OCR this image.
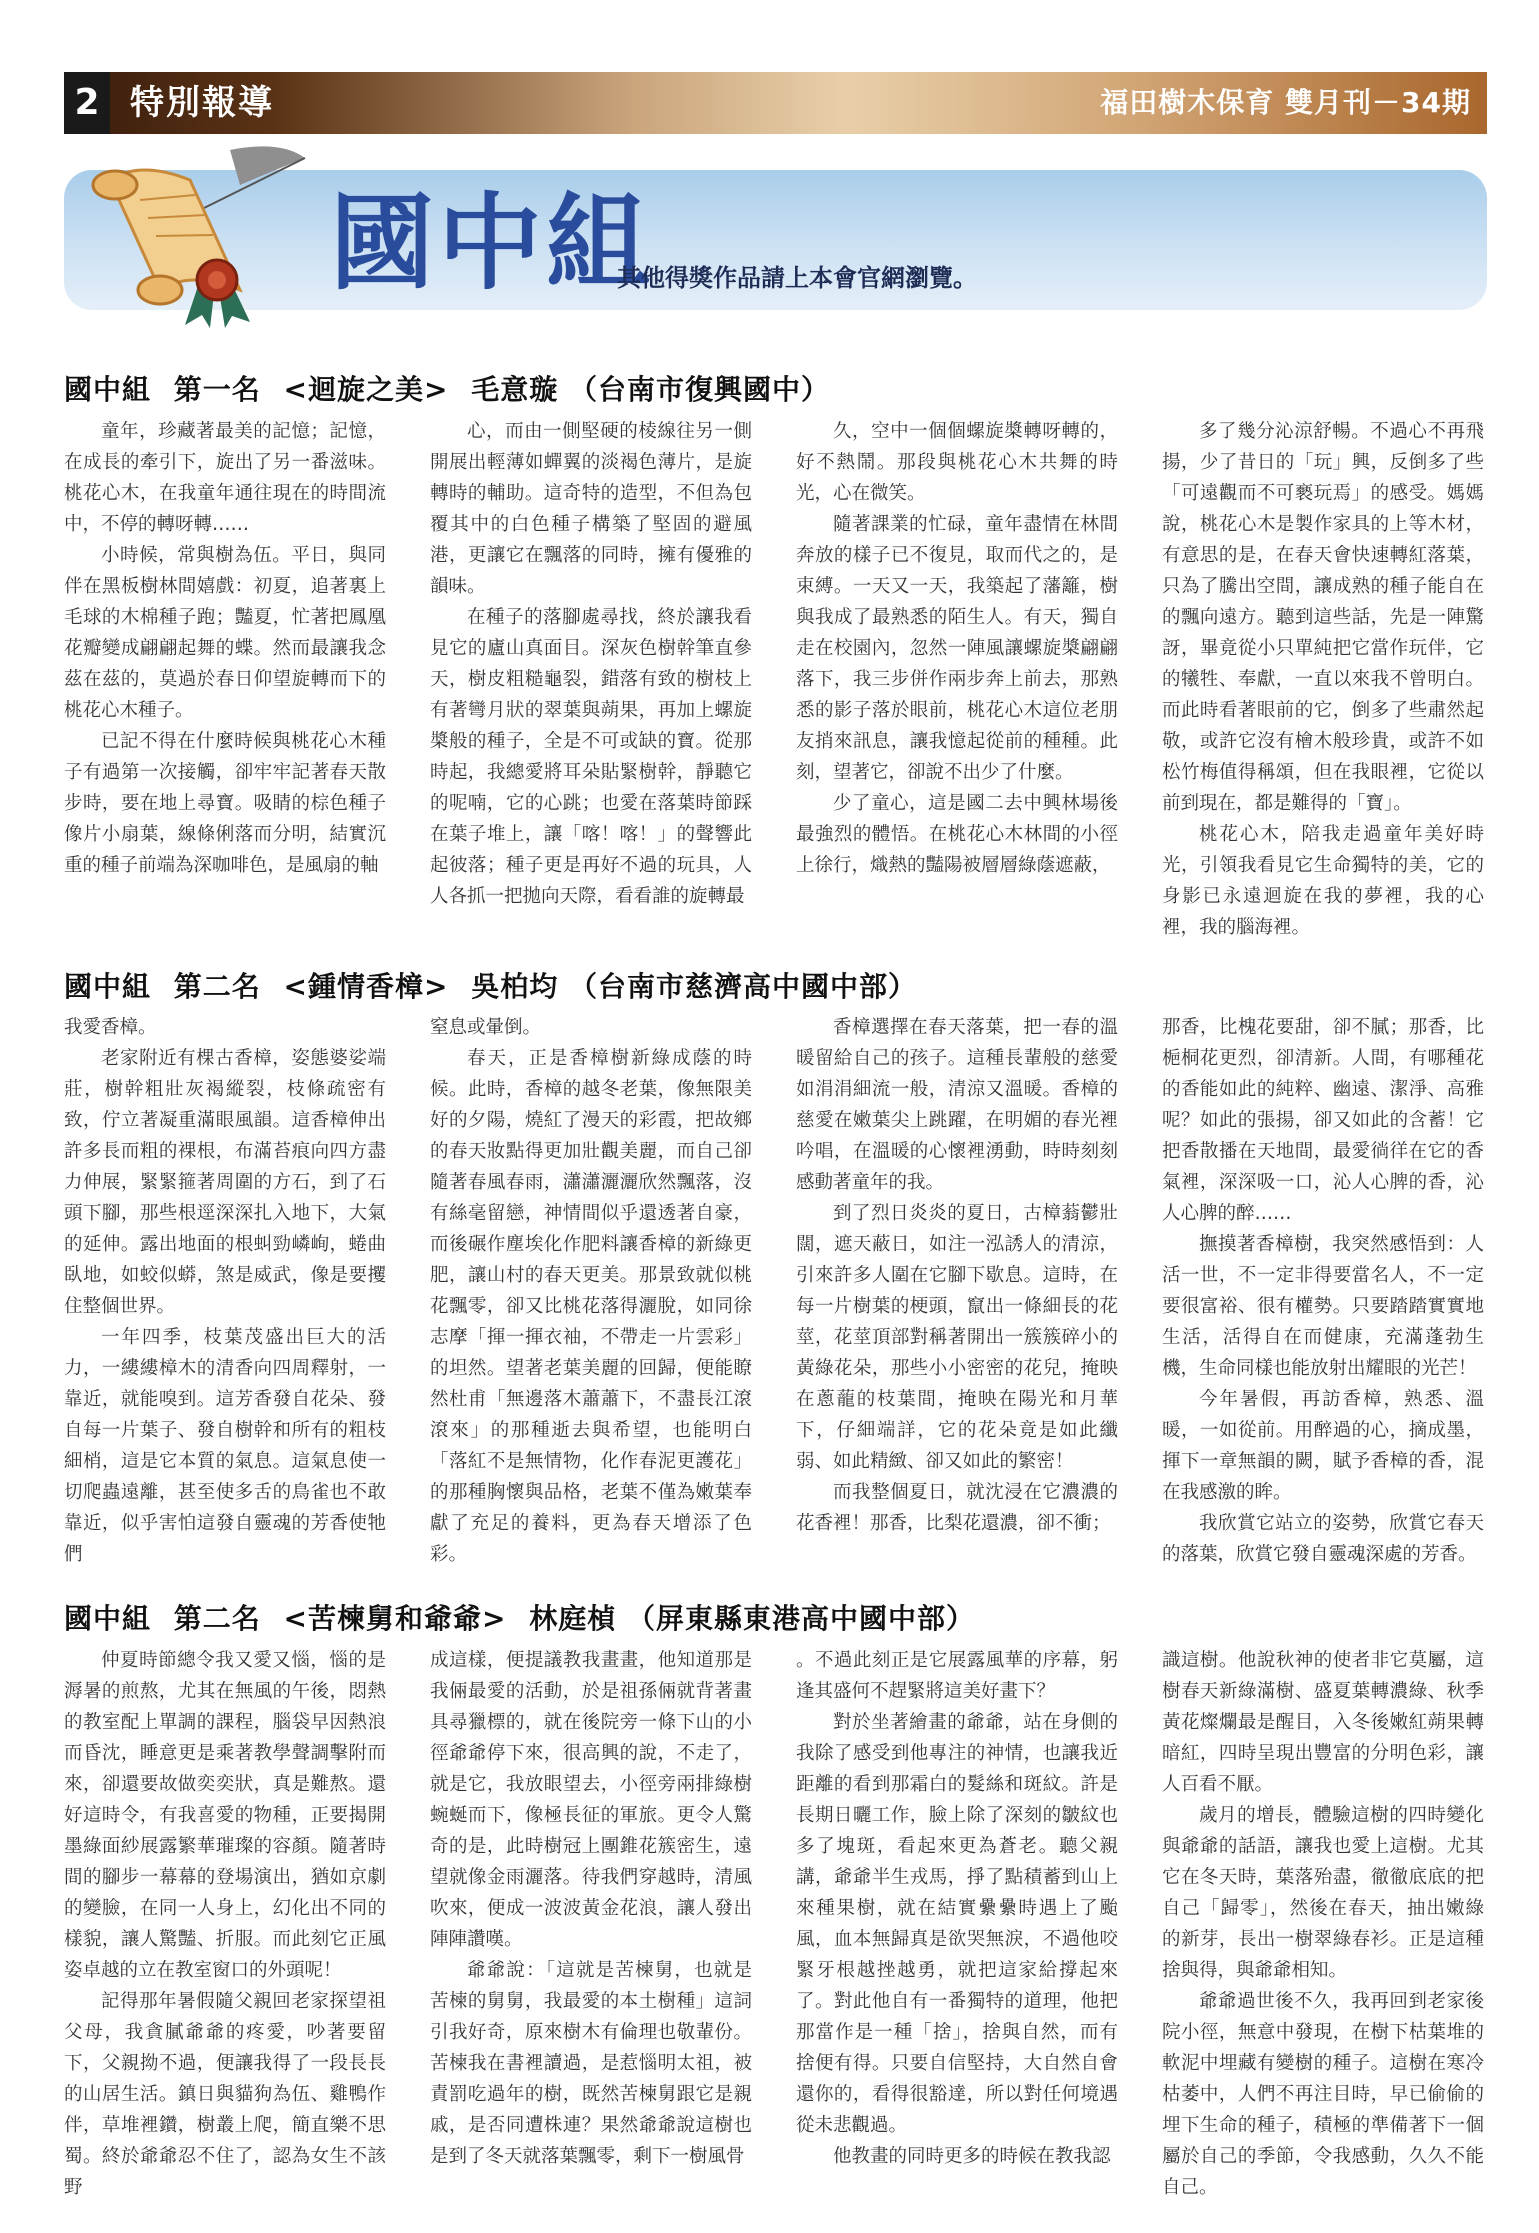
2 特別報導	福田樹木保育 雙月刊－34期
國中組
其他得獎作品請上本會官網瀏覽。
國中組 第一名 <迴旋之美> 毛意璇 （台南市復興國中）

童年，珍藏著最美的記憶；記憶，在成長的牽引下，旋出了另一番滋味。桃花心木，在我童年通往現在的時間流中，不停的轉呀轉……

小時候，常與樹為伍。平日，與同伴在黑板樹林間嬉戲：初夏，追著裏上毛球的木棉種子跑；豔夏，忙著把鳳凰花瓣變成翩翩起舞的蝶。然而最讓我念茲在茲的，莫過於春日仰望旋轉而下的桃花心木種子。

已記不得在什麼時候與桃花心木種子有過第一次接觸，卻牢牢記著春天散步時，要在地上尋寶。吸睛的棕色種子像片小扇葉，線條俐落而分明，結實沉重的種子前端為深咖啡色，是風扇的軸

心，而由一側堅硬的棱線往另一側開展出輕薄如蟬翼的淡褐色薄片，是旋轉時的輔助。這奇特的造型，不但為包覆其中的白色種子構築了堅固的避風港，更讓它在飄落的同時，擁有優雅的韻味。

在種子的落腳處尋找，終於讓我看見它的廬山真面目。深灰色樹幹筆直參天，樹皮粗糙龜裂，錯落有致的樹枝上有著彎月狀的翠葉與蒴果，再加上螺旋槳般的種子，全是不可或缺的寶。從那時起，我總愛將耳朵貼緊樹幹，靜聽它的呢喃，它的心跳；也愛在落葉時節踩在葉子堆上，讓「喀！喀！」的聲響此起彼落；種子更是再好不過的玩具，人人各抓一把拋向天際，看看誰的旋轉最

久，空中一個個螺旋槳轉呀轉的，好不熱鬧。那段與桃花心木共舞的時光，心在微笑。

隨著課業的忙碌，童年盡情在林間奔放的樣子已不復見，取而代之的，是束縛。一天又一天，我築起了藩籬，樹與我成了最熟悉的陌生人。有天，獨自走在校園內，忽然一陣風讓螺旋槳翩翩落下，我三步併作兩步奔上前去，那熟悉的影子落於眼前，桃花心木這位老朋友捎來訊息，讓我憶起從前的種種。此刻，望著它，卻說不出少了什麼。

少了童心，這是國二去中興林場後最強烈的體悟。在桃花心木林間的小徑上徐行，熾熱的豔陽被層層綠蔭遮蔽，

多了幾分沁涼舒暢。不過心不再飛揚，少了昔日的「玩」興，反倒多了些「可遠觀而不可褻玩焉」的感受。媽媽說，桃花心木是製作家具的上等木材，有意思的是，在春天會快速轉紅落葉，只為了騰出空間，讓成熟的種子能自在的飄向遠方。聽到這些話，先是一陣驚訝，畢竟從小只單純把它當作玩伴，它的犧牲、奉獻，一直以來我不曾明白。而此時看著眼前的它，倒多了些肅然起敬，或許它沒有檜木般珍貴，或許不如松竹梅值得稱頌，但在我眼裡，它從以前到現在，都是難得的「寶」。

桃花心木，陪我走過童年美好時光，引領我看見它生命獨特的美，它的身影已永遠迴旋在我的夢裡，我的心裡，我的腦海裡。

國中組 第二名 <鍾情香樟> 吳柏均 （台南市慈濟高中國中部）

我愛香樟。

老家附近有棵古香樟，姿態婆娑端莊，樹幹粗壯灰褐縱裂，枝條疏密有致，佇立著凝重滿眼風韻。這香樟伸出許多長而粗的裸根，布滿苔痕向四方盡力伸展，緊緊箍著周圍的方石，到了石頭下腳，那些根逕深深扎入地下，大氣的延伸。露出地面的根虯勁嶙峋，蜷曲臥地，如蛟似蟒，煞是威武，像是要攫住整個世界。

一年四季，枝葉茂盛出巨大的活力，一縷縷樟木的清香向四周釋射，一靠近，就能嗅到。這芳香發自花朵、發自每一片葉子、發自樹幹和所有的粗枝細梢，這是它本質的氣息。這氣息使一切爬蟲遠離，甚至使多舌的鳥雀也不敢靠近，似乎害怕這發自靈魂的芳香使牠們

窒息或暈倒。

春天，正是香樟樹新綠成蔭的時候。此時，香樟的越冬老葉，像無限美好的夕陽，燒紅了漫天的彩霞，把故鄉的春天妝點得更加壯觀美麗，而自己卻隨著春風春雨，瀟瀟灑灑欣然飄落，沒有絲毫留戀，神情間似乎還透著自豪，而後碾作塵埃化作肥料讓香樟的新綠更肥，讓山村的春天更美。那景致就似桃花飄零，卻又比桃花落得灑脫，如同徐志摩「揮一揮衣袖，不帶走一片雲彩」的坦然。望著老葉美麗的回歸，便能瞭然杜甫「無邊落木蕭蕭下，不盡長江滾滾來」的那種逝去與希望，也能明白「落紅不是無情物，化作春泥更護花」的那種胸懷與品格，老葉不僅為嫩葉奉獻了充足的養料，更為春天增添了色彩。

香樟選擇在春天落葉，把一春的溫暖留給自己的孩子。這種長輩般的慈愛如涓涓細流一般，清涼又溫暖。香樟的慈愛在嫩葉尖上跳躍，在明媚的春光裡吟唱，在溫暖的心懷裡湧動，時時刻刻感動著童年的我。

到了烈日炎炎的夏日，古樟蓊鬱壯闊，遮天蔽日，如注一泓誘人的清涼，引來許多人圍在它腳下歇息。這時，在每一片樹葉的梗頭，竄出一條細長的花莖，花莖頂部對稱著開出一簇簇碎小的黃綠花朵，那些小小密密的花兒，掩映在蔥蘢的枝葉間，掩映在陽光和月華下，仔細端詳，它的花朵竟是如此纖弱、如此精緻、卻又如此的繁密！

而我整個夏日，就沈浸在它濃濃的花香裡！那香，比梨花還濃，卻不衝；

那香，比槐花要甜，卻不膩；那香，比梔桐花更烈，卻清新。人間，有哪種花的香能如此的純粹、幽遠、潔淨、高雅呢？如此的張揚，卻又如此的含蓄！它把香散播在天地間，最愛徜徉在它的香氣裡，深深吸一口，沁人心脾的香，沁人心脾的醉……

撫摸著香樟樹，我突然感悟到：人活一世，不一定非得要當名人，不一定要很富裕、很有權勢。只要踏踏實實地生活，活得自在而健康，充滿蓬勃生機，生命同樣也能放射出耀眼的光芒！

今年暑假，再訪香樟，熟悉、溫暖，一如從前。用醉過的心，摘成墨，揮下一章無韻的闕，賦予香樟的香，混在我感激的眸。

我欣賞它站立的姿勢，欣賞它春天的落葉，欣賞它發自靈魂深處的芳香。

國中組 第二名 <苦楝舅和爺爺> 林庭楨 （屏東縣東港高中國中部）

仲夏時節總令我又愛又惱，惱的是溽暑的煎熬，尤其在無風的午後，悶熱的教室配上單調的課程，腦袋早因熱浪而昏沈，睡意更是乘著教學聲調擊附而來，卻還要故做奕奕狀，真是難熬。還好這時令，有我喜愛的物種，正要揭開墨綠面紗展露繁華璀璨的容顏。隨著時間的腳步一幕幕的登場演出，猶如京劇的變臉，在同一人身上，幻化出不同的樣貌，讓人驚豔、折服。而此刻它正風姿卓越的立在教室窗口的外頭呢！

記得那年暑假隨父親回老家探望祖父母，我貪膩爺爺的疼愛，吵著要留下，父親拗不過，便讓我得了一段長長的山居生活。鎮日與貓狗為伍、雞鴨作伴，草堆裡鑽，樹叢上爬，簡直樂不思蜀。終於爺爺忍不住了，認為女生不該野

成這樣，便提議教我畫畫，他知道那是我倆最愛的活動，於是祖孫倆就背著畫具尋獵標的，就在後院旁一條下山的小徑爺爺停下來，很高興的說，不走了，就是它，我放眼望去，小徑旁兩排綠樹蜿蜒而下，像極長征的軍旅。更令人驚奇的是，此時樹冠上團錐花簇密生，遠望就像金雨灑落。待我們穿越時，清風吹來，便成一波波黃金花浪，讓人發出陣陣讚嘆。

爺爺說：「這就是苦楝舅，也就是苦楝的舅舅，我最愛的本土樹種」這詞引我好奇，原來樹木有倫理也敬輩份。苦楝我在書裡讀過，是惹惱明太祖，被責罰吃過年的樹，既然苦楝舅跟它是親戚，是否同遭株連？果然爺爺說這樹也是到了冬天就落葉飄零，剩下一樹風骨

。不過此刻正是它展露風華的序幕，躬逢其盛何不趕緊將這美好畫下？

對於坐著繪畫的爺爺，站在身側的我除了感受到他專注的神情，也讓我近距離的看到那霜白的髮絲和斑紋。許是長期日曬工作，臉上除了深刻的皺紋也多了塊斑，看起來更為蒼老。聽父親講，爺爺半生戎馬，掙了點積蓄到山上來種果樹，就在結實纍纍時遇上了颱風，血本無歸真是欲哭無淚，不過他咬緊牙根越挫越勇，就把這家給撐起來了。對此他自有一番獨特的道理，他把那當作是一種「捨」，捨與自然，而有捨便有得。只要自信堅持，大自然自會還你的，看得很豁達，所以對任何境遇從未悲觀過。

他教畫的同時更多的時候在教我認

識這樹。他說秋神的使者非它莫屬，這樹春天新綠滿樹、盛夏葉轉濃綠、秋季黃花燦爛最是醒目，入冬後嫩紅蒴果轉暗紅，四時呈現出豐富的分明色彩，讓人百看不厭。

歲月的增長，體驗這樹的四時變化與爺爺的話語，讓我也愛上這樹。尤其它在冬天時，葉落殆盡，徹徹底底的把自己「歸零」，然後在春天，抽出嫩綠的新芽，長出一樹翠綠春衫。正是這種捨與得，與爺爺相知。

爺爺過世後不久，我再回到老家後院小徑，無意中發現，在樹下枯葉堆的軟泥中埋藏有變樹的種子。這樹在寒冷枯萎中，人們不再注目時，早已偷偷的埋下生命的種子，積極的準備著下一個屬於自己的季節，令我感動，久久不能自己。
